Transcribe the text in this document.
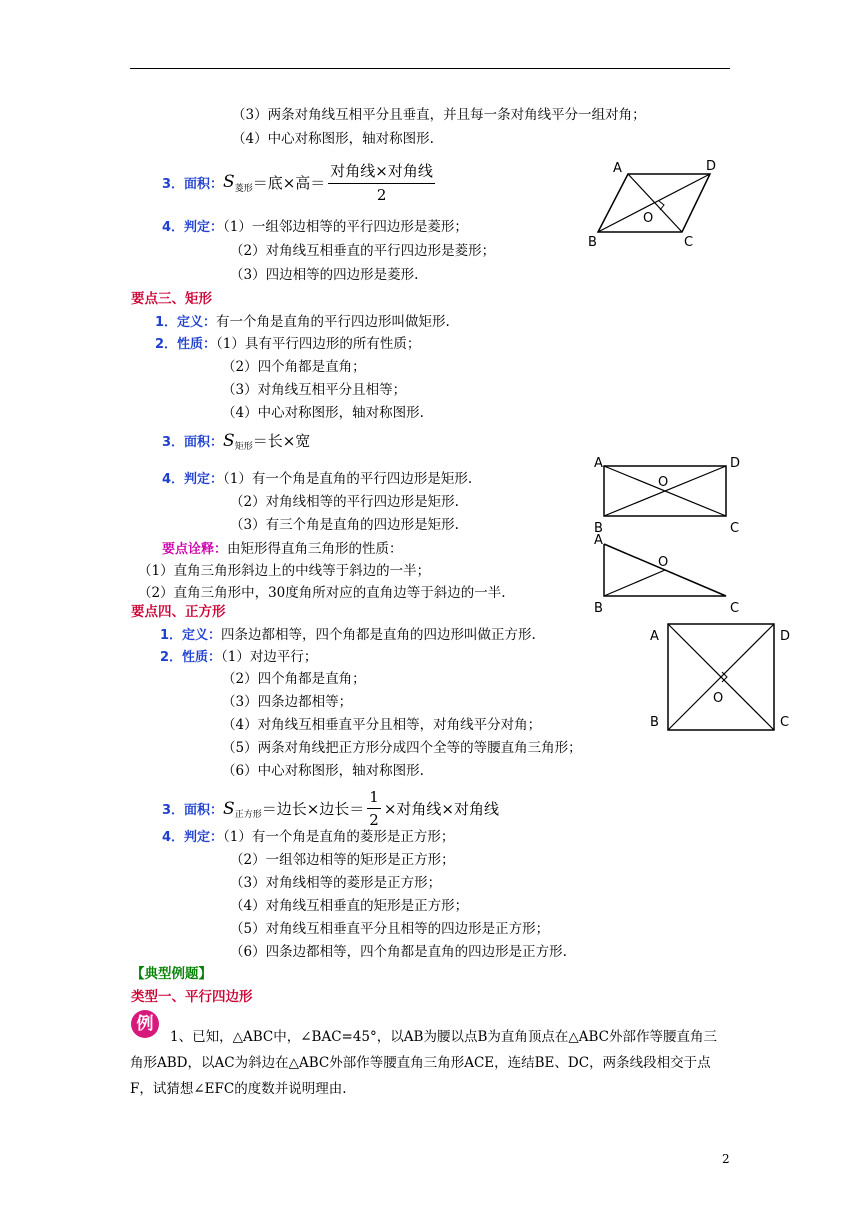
（3）两条对角线互相平分且垂直，并且每一条对角线平分一组对角；
（4）中心对称图形，轴对称图形.
3．面积： S 菱形 ＝底×高＝ $\frac{\text{对角线×对角线}}{2}$
4．判定：（1）一组邻边相等的平行四边形是菱形；
（2）对角线互相垂直的平行四边形是菱形；
（3）四边相等的四边形是菱形.
A	D
B	C
O
要点三、矩形
1．定义：有一个角是直角的平行四边形叫做矩形.
2．性质：（1）具有平行四边形的所有性质；
（2）四个角都是直角；
（3）对角线互相平分且相等；
（4）中心对称图形，轴对称图形.
3．面积： S 矩形 ＝长×宽
4．判定：（1）有一个角是直角的平行四边形是矩形.
（2）对角线相等的平行四边形是矩形.
（3）有三个角是直角的四边形是矩形.
要点诠释：由矩形得直角三角形的性质：
（1）直角三角形斜边上的中线等于斜边的一半；
（2）直角三角形中，30度角所对应的直角边等于斜边的一半.
A	D
B	C
O
A
B	C
O
要点四、正方形
1．定义：四条边都相等，四个角都是直角的四边形叫做正方形.
2．性质：（1）对边平行；
（2）四个角都是直角；
（3）四条边都相等；
（4）对角线互相垂直平分且相等，对角线平分对角；
（5）两条对角线把正方形分成四个全等的等腰直角三角形；
（6）中心对称图形，轴对称图形.
3．面积： S 正方形 ＝边长×边长＝ $\frac{1}{2}$ ×对角线×对角线
4．判定：（1）有一个角是直角的菱形是正方形；
（2）一组邻边相等的矩形是正方形；
（3）对角线相等的菱形是正方形；
（4）对角线互相垂直的矩形是正方形；
（5）对角线互相垂直平分且相等的四边形是正方形；
（6）四条边都相等，四个角都是直角的四边形是正方形.
A	D
B	C
O
【典型例题】
类型一、平行四边形
例
1、已知，△ABC中，∠BAC=45°，以AB为腰以点B为直角顶点在△ABC外部作等腰直角三角形ABD，以AC为斜边在△ABC外部作等腰直角三角形ACE，连结BE、DC，两条线段相交于点F，试猜想∠EFC的度数并说明理由.
2
